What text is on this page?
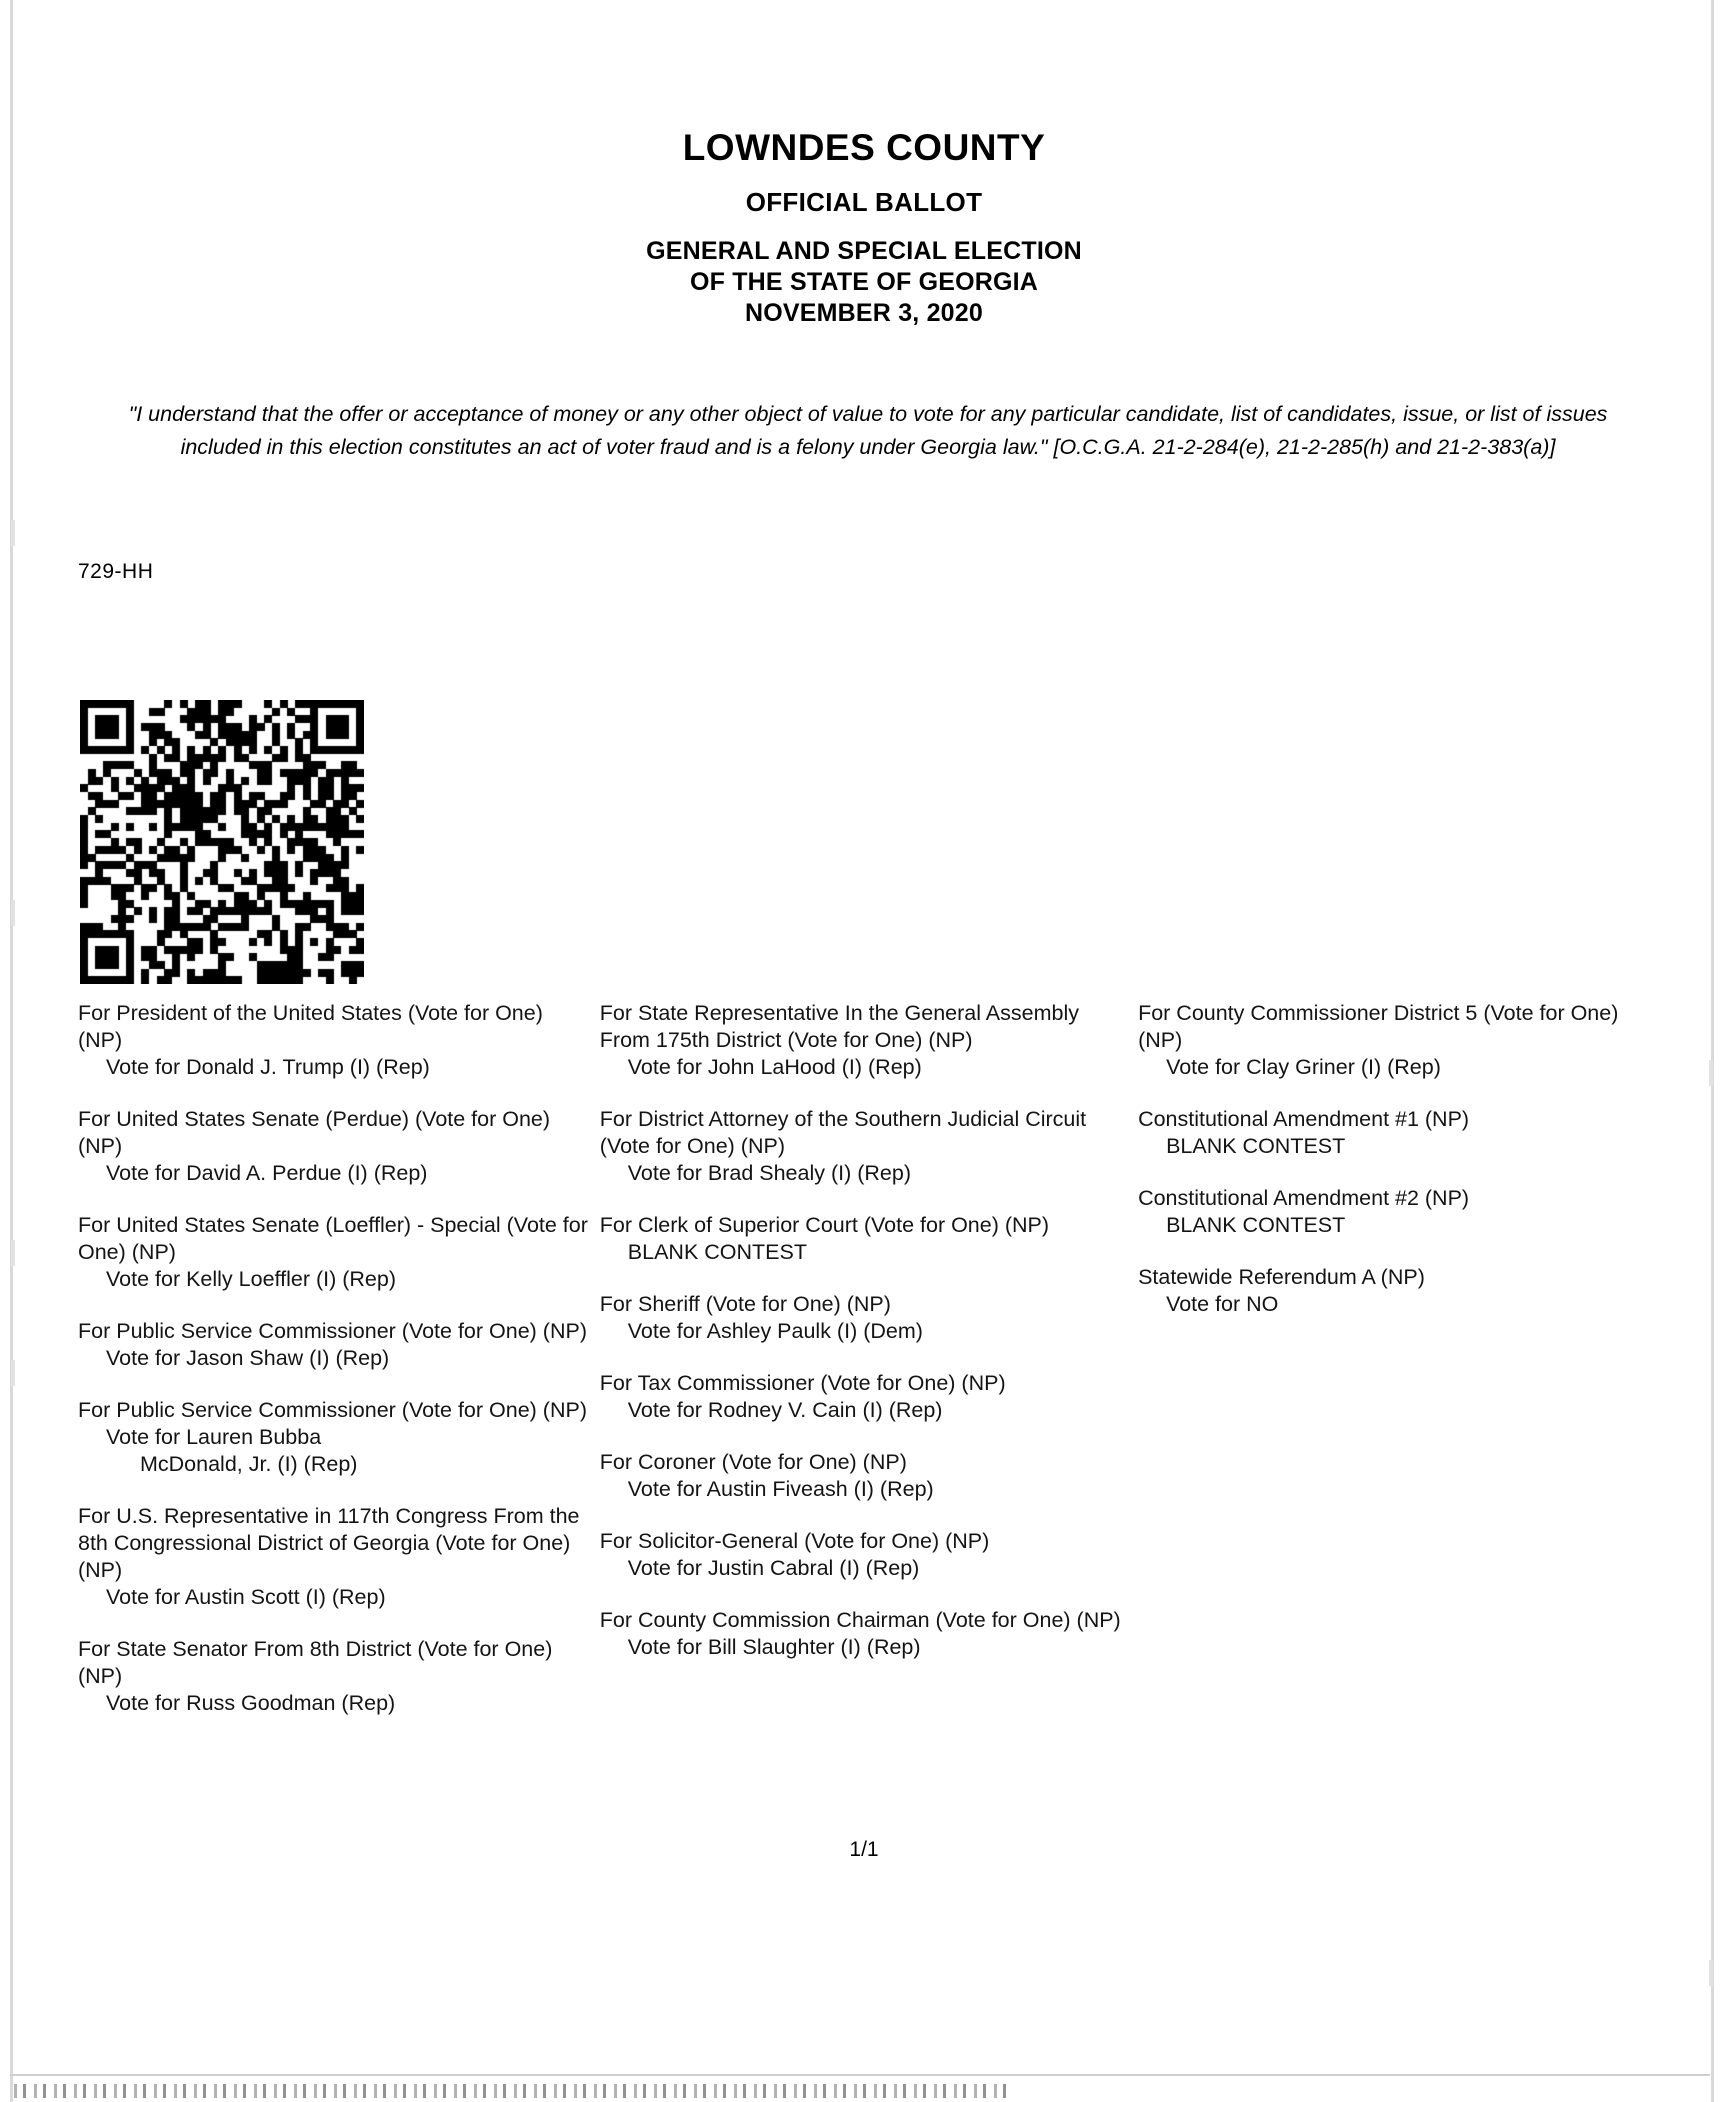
LOWNDES COUNTY
OFFICIAL BALLOT
GENERAL AND SPECIAL ELECTION
OF THE STATE OF GEORGIA
NOVEMBER 3, 2020
"I understand that the offer or acceptance of money or any other object of value to vote for any particular candidate, list of candidates, issue, or list of issues included in this election constitutes an act of voter fraud and is a felony under Georgia law." [O.C.G.A. 21-2-284(e), 21-2-285(h) and 21-2-383(a)]
729-HH
For President of the United States (Vote for One) (NP)
Vote for Donald J. Trump (I) (Rep)
For United States Senate (Perdue) (Vote for One) (NP)
Vote for David A. Perdue (I) (Rep)
For United States Senate (Loeffler) - Special (Vote for One) (NP)
Vote for Kelly Loeffler (I) (Rep)
For Public Service Commissioner (Vote for One) (NP)
Vote for Jason Shaw (I) (Rep)
For Public Service Commissioner (Vote for One) (NP)
Vote for Lauren Bubba
McDonald, Jr. (I) (Rep)
For U.S. Representative in 117th Congress From the 8th Congressional District of Georgia (Vote for One) (NP)
Vote for Austin Scott (I) (Rep)
For State Senator From 8th District (Vote for One) (NP)
Vote for Russ Goodman (Rep)
For State Representative In the General Assembly From 175th District (Vote for One) (NP)
Vote for John LaHood (I) (Rep)
For District Attorney of the Southern Judicial Circuit (Vote for One) (NP)
Vote for Brad Shealy (I) (Rep)
For Clerk of Superior Court (Vote for One) (NP)
BLANK CONTEST
For Sheriff (Vote for One) (NP)
Vote for Ashley Paulk (I) (Dem)
For Tax Commissioner (Vote for One) (NP)
Vote for Rodney V. Cain (I) (Rep)
For Coroner (Vote for One) (NP)
Vote for Austin Fiveash (I) (Rep)
For Solicitor-General (Vote for One) (NP)
Vote for Justin Cabral (I) (Rep)
For County Commission Chairman (Vote for One) (NP)
Vote for Bill Slaughter (I) (Rep)
For County Commissioner District 5 (Vote for One) (NP)
Vote for Clay Griner (I) (Rep)
Constitutional Amendment #1 (NP)
BLANK CONTEST
Constitutional Amendment #2 (NP)
BLANK CONTEST
Statewide Referendum A (NP)
Vote for NO
1/1
